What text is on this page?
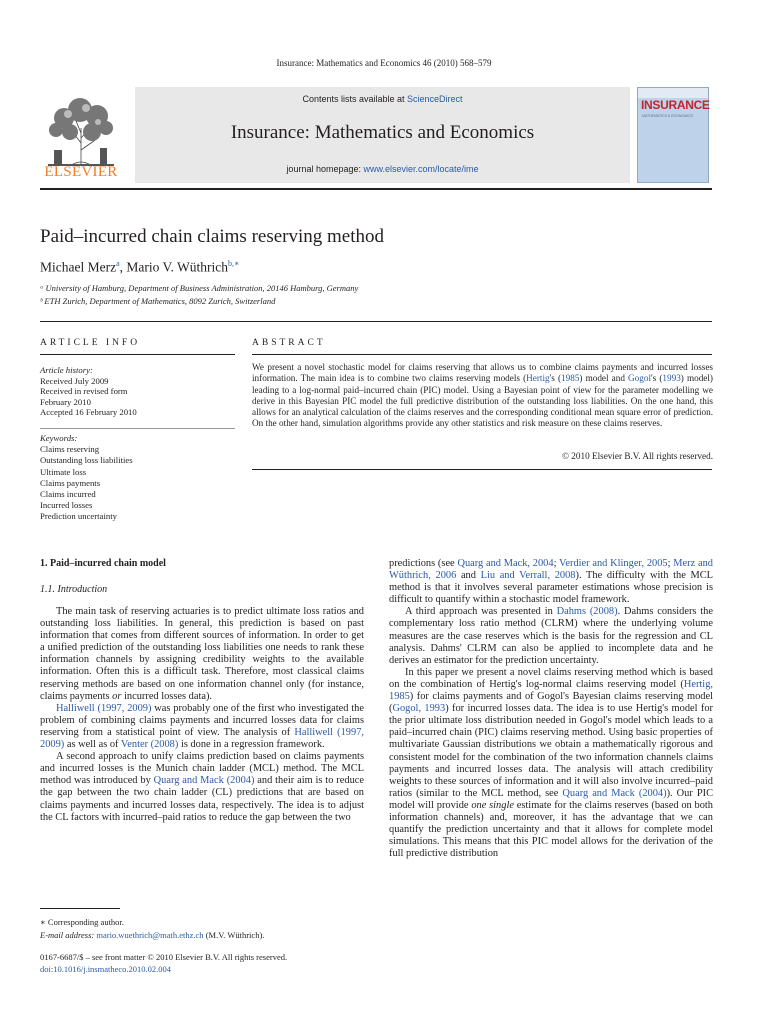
Insurance: Mathematics and Economics 46 (2010) 568–579
ELSEVIER
Contents lists available at ScienceDirect
Insurance: Mathematics and Economics
journal homepage: www.elsevier.com/locate/ime
INSURANCE
MATHEMATICS & ECONOMICS
Paid–incurred chain claims reserving method
Michael Merz$^a$, Mario V. Wüthrich$^{b,∗}$
ᵃ University of Hamburg, Department of Business Administration, 20146 Hamburg, Germany
ᵇ ETH Zurich, Department of Mathematics, 8092 Zurich, Switzerland
ARTICLE INFO	ABSTRACT
Article history:
Received July 2009
Received in revised form
February 2010
Accepted 16 February 2010
Keywords:
Claims reserving
Outstanding loss liabilities
Ultimate loss
Claims payments
Claims incurred
Incurred losses
Prediction uncertainty
We present a novel stochastic model for claims reserving that allows us to combine claims payments and incurred losses information. The main idea is to combine two claims reserving models (Hertig's (1985) model and Gogol's (1993) model) leading to a log-normal paid–incurred chain (PIC) model. Using a Bayesian point of view for the parameter modelling we derive in this Bayesian PIC model the full predictive distribution of the outstanding loss liabilities. On the one hand, this allows for an analytical calculation of the claims reserves and the corresponding conditional mean square error of prediction. On the other hand, simulation algorithms provide any other statistics and risk measure on these claims reserves.
© 2010 Elsevier B.V. All rights reserved.
1. Paid–incurred chain model
1.1. Introduction

The main task of reserving actuaries is to predict ultimate loss ratios and outstanding loss liabilities. In general, this prediction is based on past information that comes from different sources of information. In order to get a unified prediction of the outstanding loss liabilities one needs to rank these information channels by assigning credibility weights to the available information. Often this is a difficult task. Therefore, most classical claims reserving methods are based on one information channel only (for instance, claims payments or incurred losses data).

Halliwell (1997, 2009) was probably one of the first who investigated the problem of combining claims payments and incurred losses data for claims reserving from a statistical point of view. The analysis of Halliwell (1997, 2009) as well as of Venter (2008) is done in a regression framework.

A second approach to unify claims prediction based on claims payments and incurred losses is the Munich chain ladder (MCL) method. The MCL method was introduced by Quarg and Mack (2004) and their aim is to reduce the gap between the two chain ladder (CL) predictions that are based on claims payments and incurred losses data, respectively. The idea is to adjust the CL factors with incurred–paid ratios to reduce the gap between the two

predictions (see Quarg and Mack, 2004; Verdier and Klinger, 2005; Merz and Wüthrich, 2006 and Liu and Verrall, 2008). The difficulty with the MCL method is that it involves several parameter estimations whose precision is difficult to quantify within a stochastic model framework.

A third approach was presented in Dahms (2008). Dahms considers the complementary loss ratio method (CLRM) where the underlying volume measures are the case reserves which is the basis for the regression and CL analysis. Dahms' CLRM can also be applied to incomplete data and he derives an estimator for the prediction uncertainty.

In this paper we present a novel claims reserving method which is based on the combination of Hertig's log-normal claims reserving model (Hertig, 1985) for claims payments and of Gogol's Bayesian claims reserving model (Gogol, 1993) for incurred losses data. The idea is to use Hertig's model for the prior ultimate loss distribution needed in Gogol's model which leads to a paid–incurred chain (PIC) claims reserving method. Using basic properties of multivariate Gaussian distributions we obtain a mathematically rigorous and consistent model for the combination of the two information channels claims payments and incurred losses data. The analysis will attach credibility weights to these sources of information and it will also involve incurred–paid ratios (similar to the MCL method, see Quarg and Mack (2004)). Our PIC model will provide one single estimate for the claims reserves (based on both information channels) and, moreover, it has the advantage that we can quantify the prediction uncertainty and that it allows for complete model simulations. This means that this PIC model allows for the derivation of the full predictive distribution

∗ Corresponding author.
E-mail address: mario.wuethrich@math.ethz.ch (M.V. Wüthrich).
0167-6687/$ – see front matter © 2010 Elsevier B.V. All rights reserved.
doi:10.1016/j.insmatheco.2010.02.004
